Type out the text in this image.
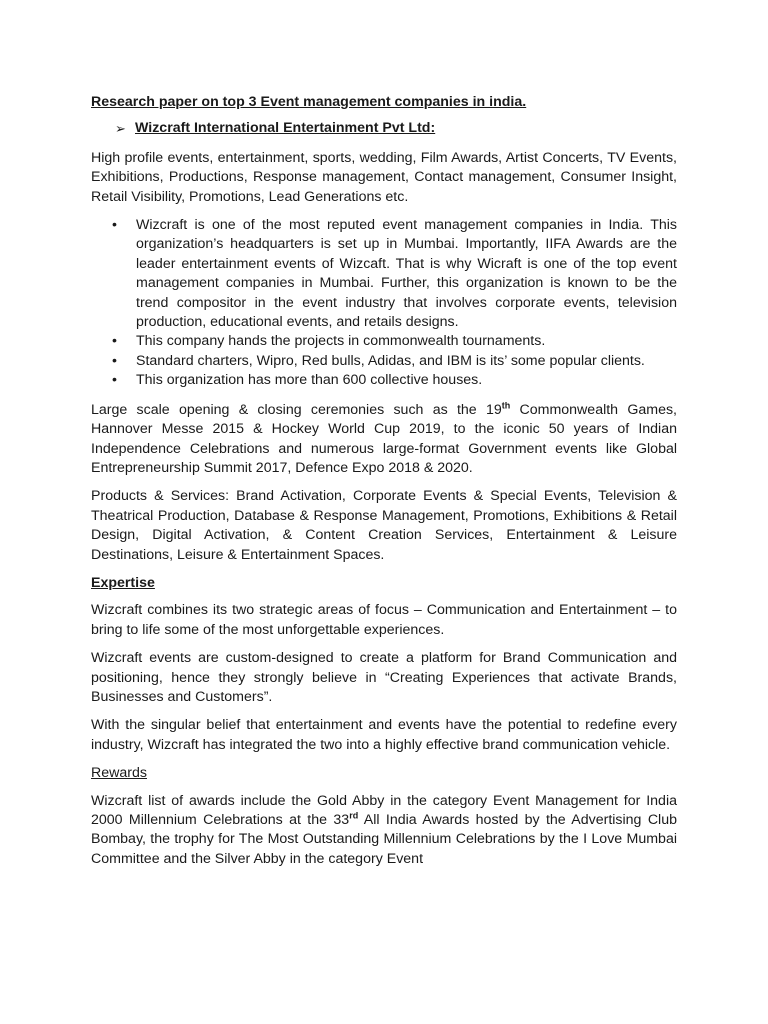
Research paper on top 3 Event management companies in india.
➢ Wizcraft International Entertainment Pvt Ltd:

High profile events, entertainment, sports, wedding, Film Awards, Artist Concerts, TV Events, Exhibitions, Productions, Response management, Contact management, Consumer Insight, Retail Visibility, Promotions, Lead Generations etc.

• Wizcraft is one of the most reputed event management companies in India. This organization’s headquarters is set up in Mumbai. Importantly, IIFA Awards are the leader entertainment events of Wizcaft. That is why Wicraft is one of the top event management companies in Mumbai. Further, this organization is known to be the trend compositor in the event industry that involves corporate events, television production, educational events, and retails designs.
• This company hands the projects in commonwealth tournaments.
• Standard charters, Wipro, Red bulls, Adidas, and IBM is its’ some popular clients.
• This organization has more than 600 collective houses.

Large scale opening & closing ceremonies such as the 19th Commonwealth Games, Hannover Messe 2015 & Hockey World Cup 2019, to the iconic 50 years of Indian Independence Celebrations and numerous large-format Government events like Global Entrepreneurship Summit 2017, Defence Expo 2018 & 2020.

Products & Services: Brand Activation, Corporate Events & Special Events, Television & Theatrical Production, Database & Response Management, Promotions, Exhibitions & Retail Design, Digital Activation, & Content Creation Services, Entertainment & Leisure Destinations, Leisure & Entertainment Spaces.

Expertise

Wizcraft combines its two strategic areas of focus – Communication and Entertainment – to bring to life some of the most unforgettable experiences.

Wizcraft events are custom-designed to create a platform for Brand Communication and positioning, hence they strongly believe in “Creating Experiences that activate Brands, Businesses and Customers”.

With the singular belief that entertainment and events have the potential to redefine every industry, Wizcraft has integrated the two into a highly effective brand communication vehicle.

Rewards

Wizcraft list of awards include the Gold Abby in the category Event Management for India 2000 Millennium Celebrations at the 33rd All India Awards hosted by the Advertising Club Bombay, the trophy for The Most Outstanding Millennium Celebrations by the I Love Mumbai Committee and the Silver Abby in the category Event
